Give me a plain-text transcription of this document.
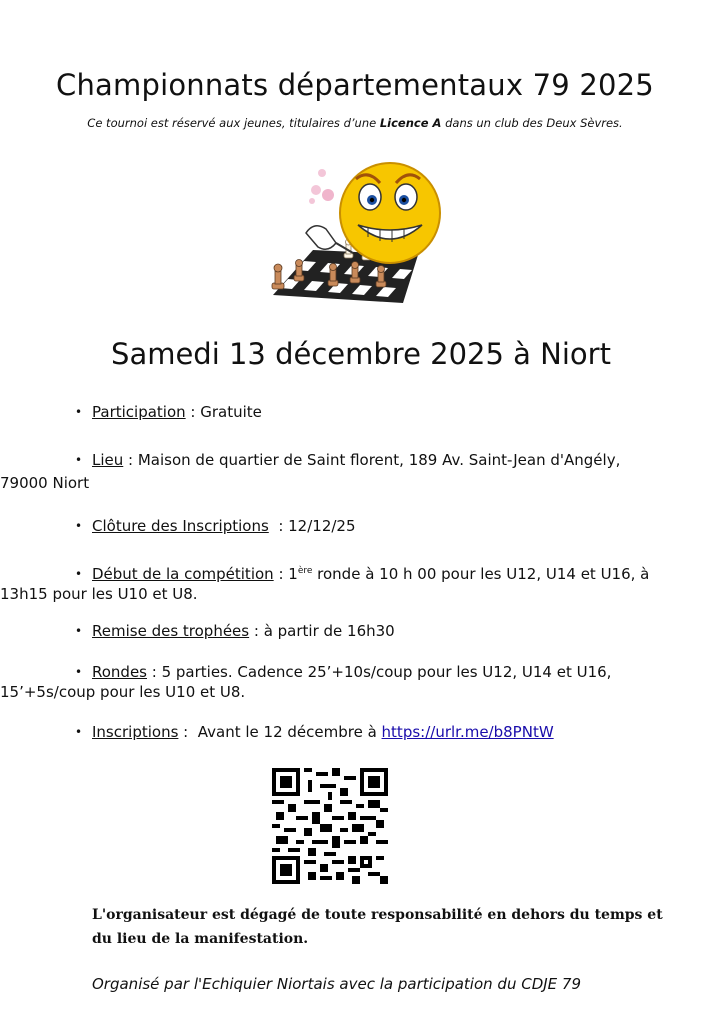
Championnats départementaux 79 2025
Ce tournoi est réservé aux jeunes, titulaires d’une Licence A dans un club des Deux Sèvres.
Samedi 13 décembre 2025 à Niort
• Participation : Gratuite
• Lieu : Maison de quartier de Saint florent, 189 Av. Saint-Jean d'Angély,
79000 Niort
• Clôture des Inscriptions  : 12/12/25
• Début de la compétition : 1ère ronde à 10 h 00 pour les U12, U14 et U16, à
13h15 pour les U10 et U8.
• Remise des trophées : à partir de 16h30
• Rondes : 5 parties. Cadence 25’+10s/coup pour les U12, U14 et U16,
15’+5s/coup pour les U10 et U8.
• Inscriptions :  Avant le 12 décembre à https://urlr.me/b8PNtW
L'organisateur est dégagé de toute responsabilité en dehors du temps et
du lieu de la manifestation.
Organisé par l'Echiquier Niortais avec la participation du CDJE 79
